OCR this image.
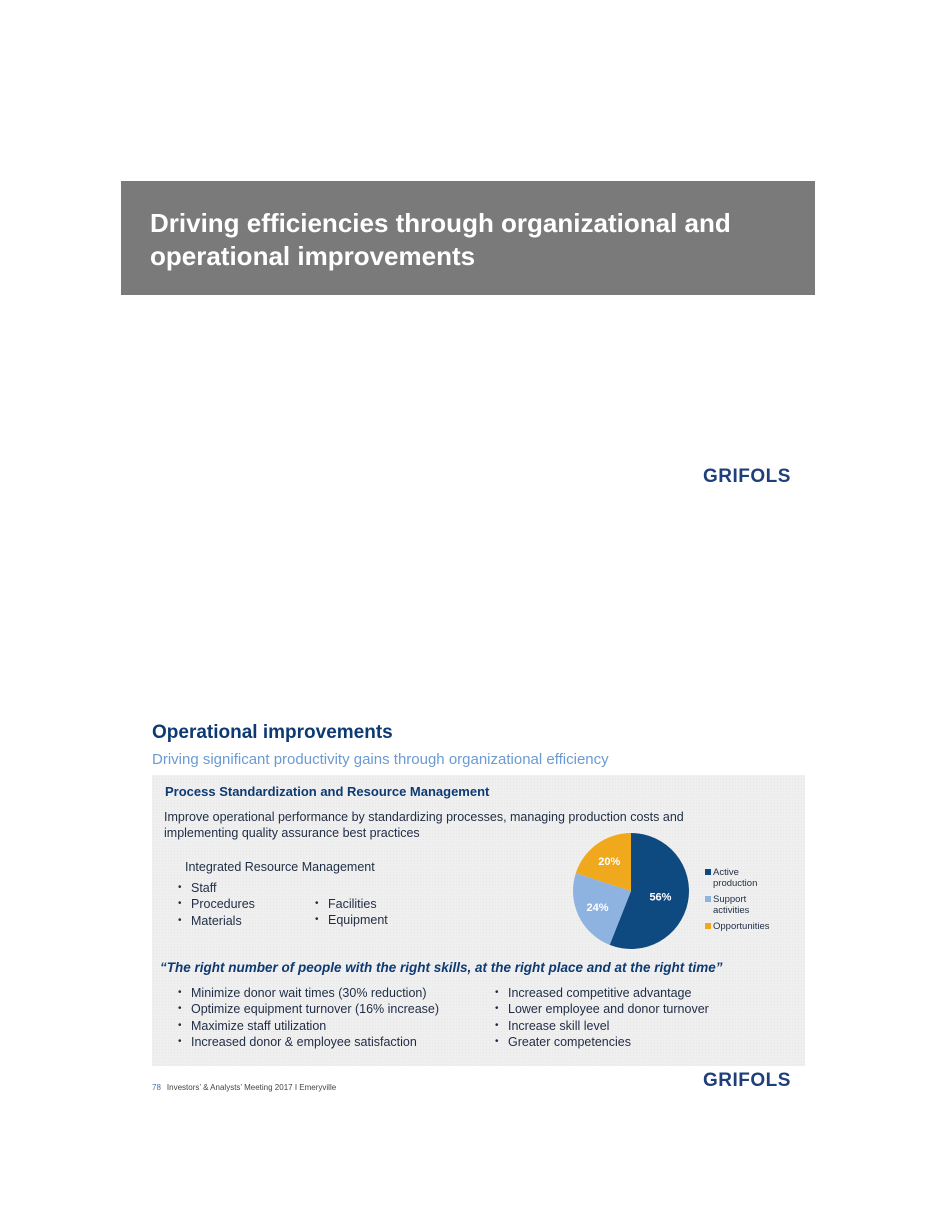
Driving efficiencies through organizational and operational improvements
GRIFOLS
Operational improvements
Driving significant productivity gains through organizational efficiency
Process Standardization and Resource Management
Improve operational performance by standardizing processes, managing production costs and implementing quality assurance best practices
Integrated Resource Management
• Staff
• Procedures
• Materials
• Facilities
• Equipment
56%
24%
20%
Active production
Support activities
Opportunities
“The right number of people with the right skills, at the right place and at the right time”
• Minimize donor wait times (30% reduction)
• Optimize equipment turnover (16% increase)
• Maximize staff utilization
• Increased donor & employee satisfaction
• Increased competitive advantage
• Lower employee and donor turnover
• Increase skill level
• Greater competencies
78 Investors’ & Analysts’ Meeting 2017 I Emeryville	GRIFOLS
